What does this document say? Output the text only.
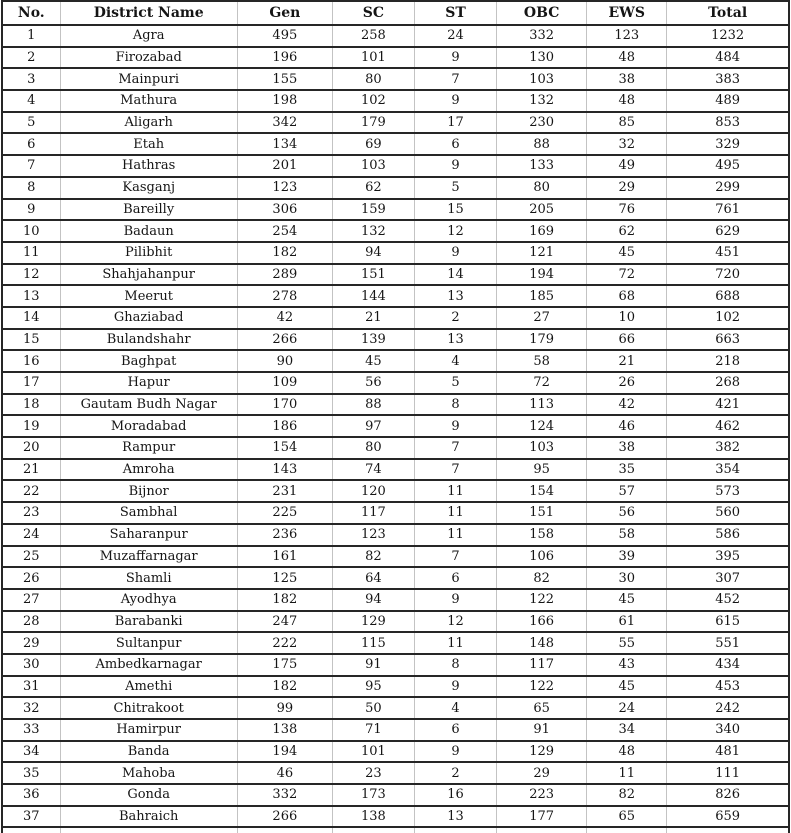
No.	District Name	Gen	SC	ST	OBC	EWS	Total
1	Agra	495	258	24	332	123	1232
2	Firozabad	196	101	9	130	48	484
3	Mainpuri	155	80	7	103	38	383
4	Mathura	198	102	9	132	48	489
5	Aligarh	342	179	17	230	85	853
6	Etah	134	69	6	88	32	329
7	Hathras	201	103	9	133	49	495
8	Kasganj	123	62	5	80	29	299
9	Bareilly	306	159	15	205	76	761
10	Badaun	254	132	12	169	62	629
11	Pilibhit	182	94	9	121	45	451
12	Shahjahanpur	289	151	14	194	72	720
13	Meerut	278	144	13	185	68	688
14	Ghaziabad	42	21	2	27	10	102
15	Bulandshahr	266	139	13	179	66	663
16	Baghpat	90	45	4	58	21	218
17	Hapur	109	56	5	72	26	268
18	Gautam Budh Nagar	170	88	8	113	42	421
19	Moradabad	186	97	9	124	46	462
20	Rampur	154	80	7	103	38	382
21	Amroha	143	74	7	95	35	354
22	Bijnor	231	120	11	154	57	573
23	Sambhal	225	117	11	151	56	560
24	Saharanpur	236	123	11	158	58	586
25	Muzaffarnagar	161	82	7	106	39	395
26	Shamli	125	64	6	82	30	307
27	Ayodhya	182	94	9	122	45	452
28	Barabanki	247	129	12	166	61	615
29	Sultanpur	222	115	11	148	55	551
30	Ambedkarnagar	175	91	8	117	43	434
31	Amethi	182	95	9	122	45	453
32	Chitrakoot	99	50	4	65	24	242
33	Hamirpur	138	71	6	91	34	340
34	Banda	194	101	9	129	48	481
35	Mahoba	46	23	2	29	11	111
36	Gonda	332	173	16	223	82	826
37	Bahraich	266	138	13	177	65	659
